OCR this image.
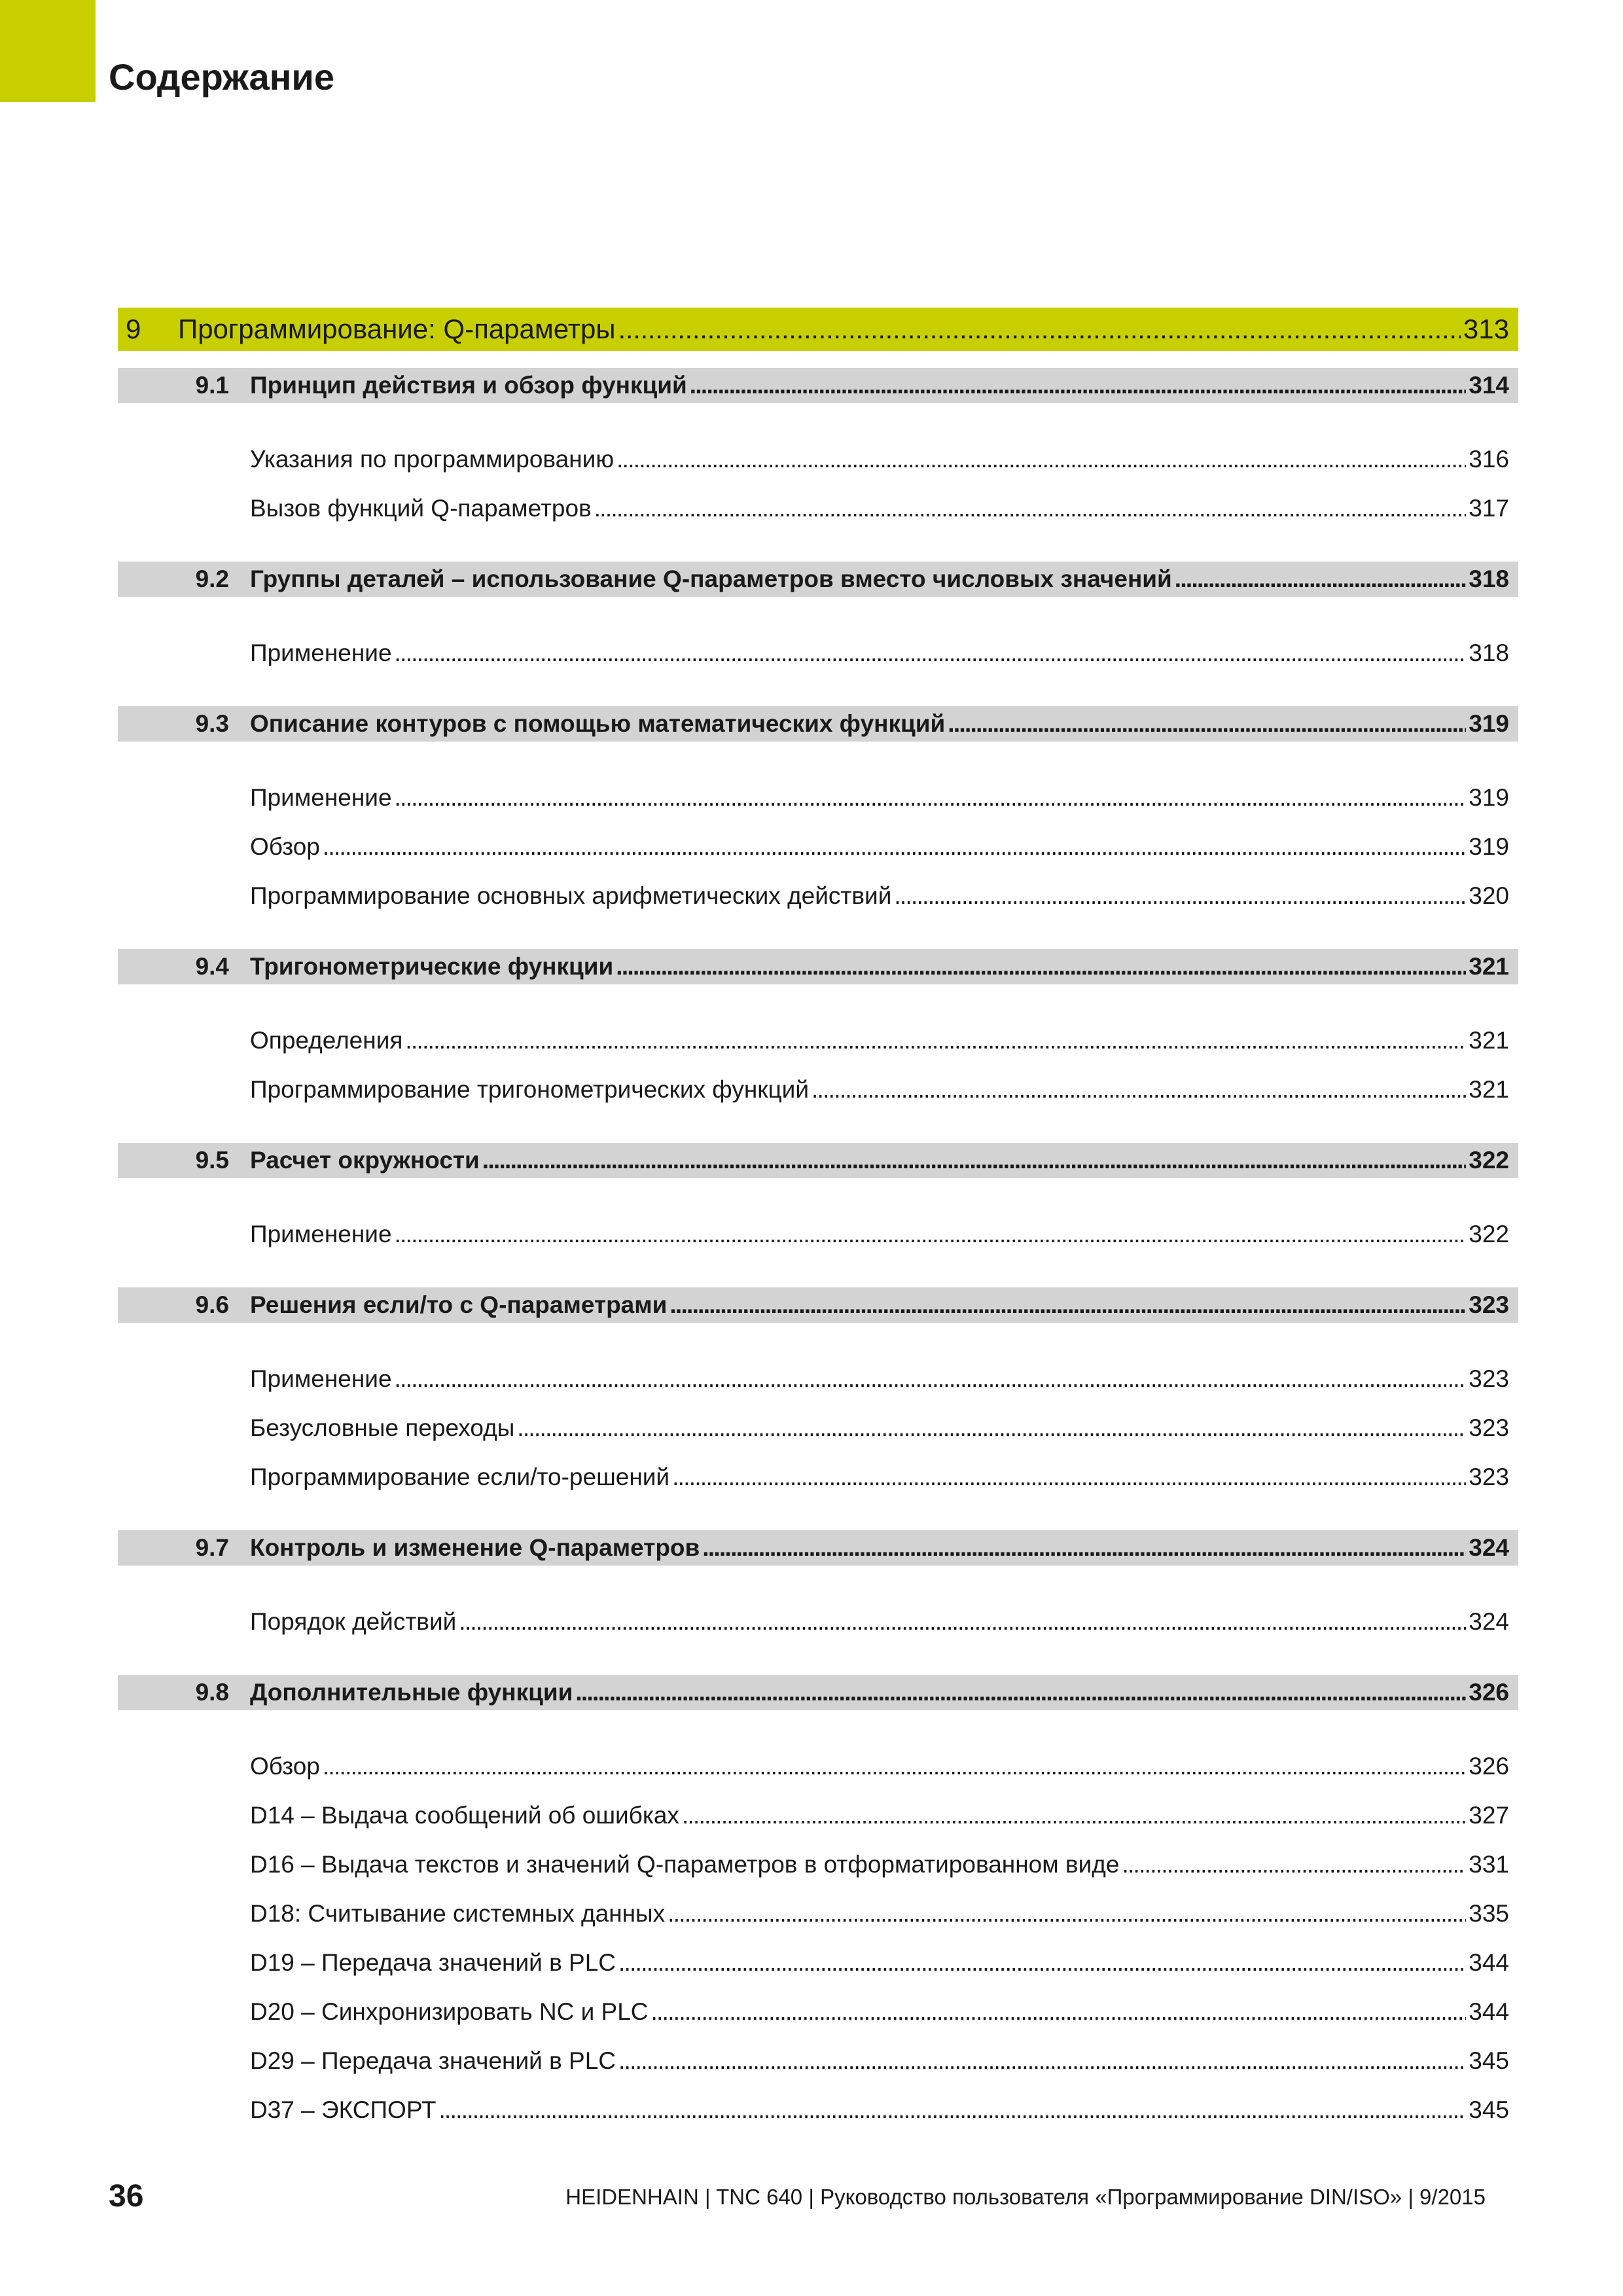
Содержание
9	Программирование: Q-параметры . . .	313
9.1 Принцип действия и обзор функций . . .	314
Указания по программированию . . .	316
Вызов функций Q-параметров . . .	317
9.2 Группы деталей – использование Q-параметров вместо числовых значений . . .	318
Применение . . .	318
9.3 Описание контуров с помощью математических функций . . .	319
Применение . . .	319
Обзор . . .	319
Программирование основных арифметических действий . . .	320
9.4 Тригонометрические функции . . .	321
Определения . . .	321
Программирование тригонометрических функций . . .	321
9.5 Расчет окружности . . .	322
Применение . . .	322
9.6 Решения если/то с Q-параметрами . . .	323
Применение . . .	323
Безусловные переходы . . .	323
Программирование если/то-решений . . .	323
9.7 Контроль и изменение Q-параметров . . .	324
Порядок действий . . .	324
9.8 Дополнительные функции . . .	326
Обзор . . .	326
D14 – Выдача сообщений об ошибках . . .	327
D16 – Выдача текстов и значений Q-параметров в отформатированном виде . . .	331
D18: Считывание системных данных . . .	335
D19 – Передача значений в PLC . . .	344
D20 – Синхронизировать NC и PLC . . .	344
D29 – Передача значений в PLC . . .	345
D37 – ЭКСПОРТ . . .	345
36	HEIDENHAIN | TNC 640 | Руководство пользователя «Программирование DIN/ISO» | 9/2015
